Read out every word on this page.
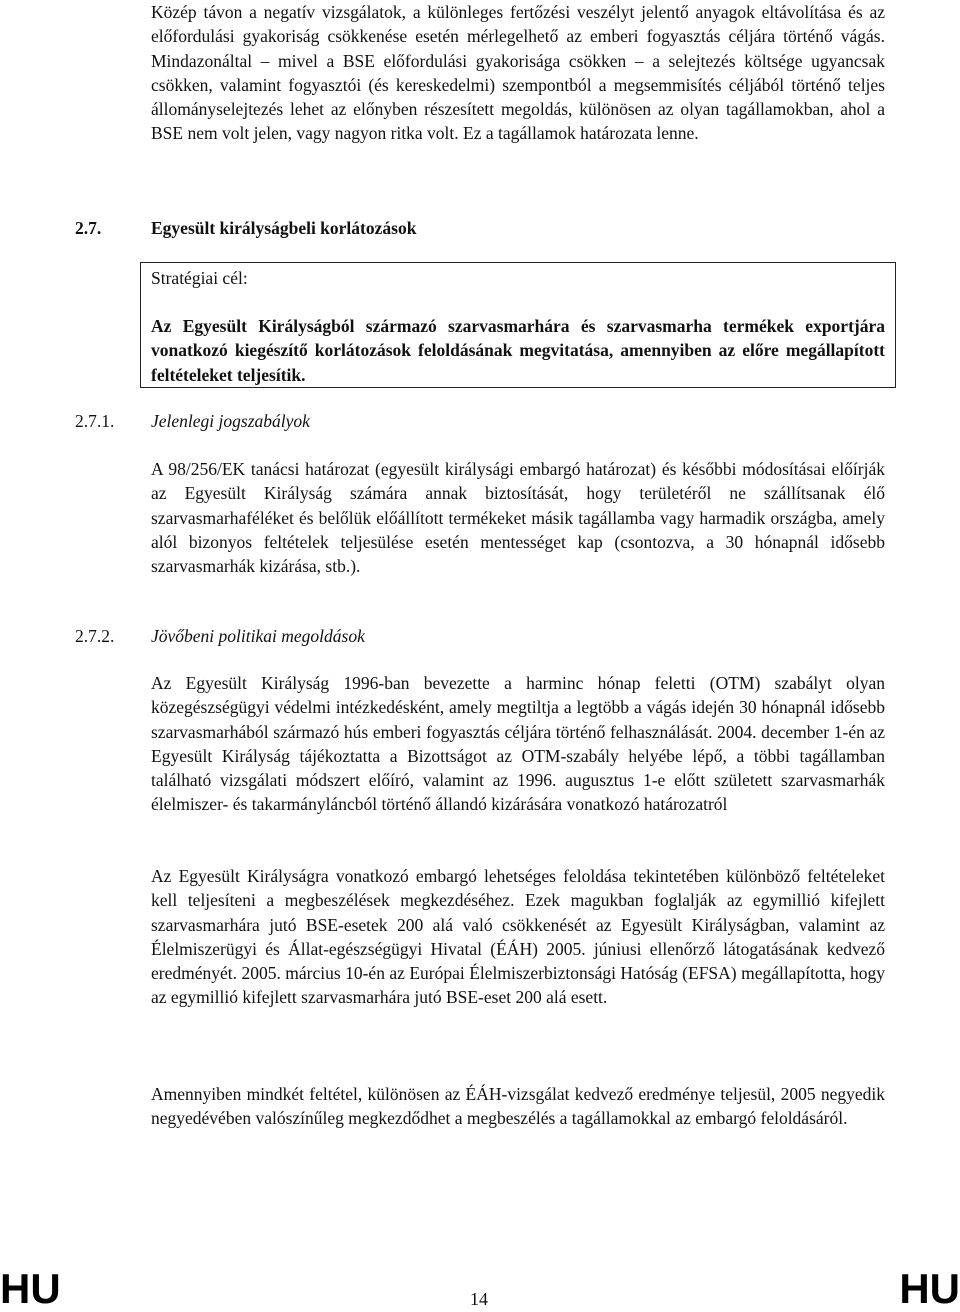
Közép távon a negatív vizsgálatok, a különleges fertőzési veszélyt jelentő anyagok eltávolítása és az előfordulási gyakoriság csökkenése esetén mérlegelhető az emberi fogyasztás céljára történő vágás. Mindazonáltal – mivel a BSE előfordulási gyakorisága csökken – a selejtezés költsége ugyancsak csökken, valamint fogyasztói (és kereskedelmi) szempontból a megsemmisítés céljából történő teljes állományselejtezés lehet az előnyben részesített megoldás, különösen az olyan tagállamokban, ahol a BSE nem volt jelen, vagy nagyon ritka volt. Ez a tagállamok határozata lenne.
2.7.	Egyesült királyságbeli korlátozások
Stratégiai cél:
Az Egyesült Királyságból származó szarvasmarhára és szarvasmarha termékek exportjára vonatkozó kiegészítő korlátozások feloldásának megvitatása, amennyiben az előre megállapított feltételeket teljesítik.
2.7.1. Jelenlegi jogszabályok
A 98/256/EK tanácsi határozat (egyesült királysági embargó határozat) és későbbi módosításai előírják az Egyesült Királyság számára annak biztosítását, hogy területéről ne szállítsanak élő szarvasmarhaféléket és belőlük előállított termékeket másik tagállamba vagy harmadik országba, amely alól bizonyos feltételek teljesülése esetén mentességet kap (csontozva, a 30 hónapnál idősebb szarvasmarhák kizárása, stb.).
2.7.2. Jövőbeni politikai megoldások
Az Egyesült Királyság 1996-ban bevezette a harminc hónap feletti (OTM) szabályt olyan közegészségügyi védelmi intézkedésként, amely megtiltja a legtöbb a vágás idején 30 hónapnál idősebb szarvasmarhából származó hús emberi fogyasztás céljára történő felhasználását. 2004. december 1-én az Egyesült Királyság tájékoztatta a Bizottságot az OTM-szabály helyébe lépő, a többi tagállamban található vizsgálati módszert előíró, valamint az 1996. augusztus 1-e előtt született szarvasmarhák élelmiszer- és takarmányláncból történő állandó kizárására vonatkozó határozatról
Az Egyesült Királyságra vonatkozó embargó lehetséges feloldása tekintetében különböző feltételeket kell teljesíteni a megbeszélések megkezdéséhez. Ezek magukban foglalják az egymillió kifejlett szarvasmarhára jutó BSE-esetek 200 alá való csökkenését az Egyesült Királyságban, valamint az Élelmiszerügyi és Állat-egészségügyi Hivatal (ÉÁH) 2005. júniusi ellenőrző látogatásának kedvező eredményét. 2005. március 10-én az Európai Élelmiszerbiztonsági Hatóság (EFSA) megállapította, hogy az egymillió kifejlett szarvasmarhára jutó BSE-eset 200 alá esett.
Amennyiben mindkét feltétel, különösen az ÉÁH-vizsgálat kedvező eredménye teljesül, 2005 negyedik negyedévében valószínűleg megkezdődhet a megbeszélés a tagállamokkal az embargó feloldásáról.
HU	14	HU
